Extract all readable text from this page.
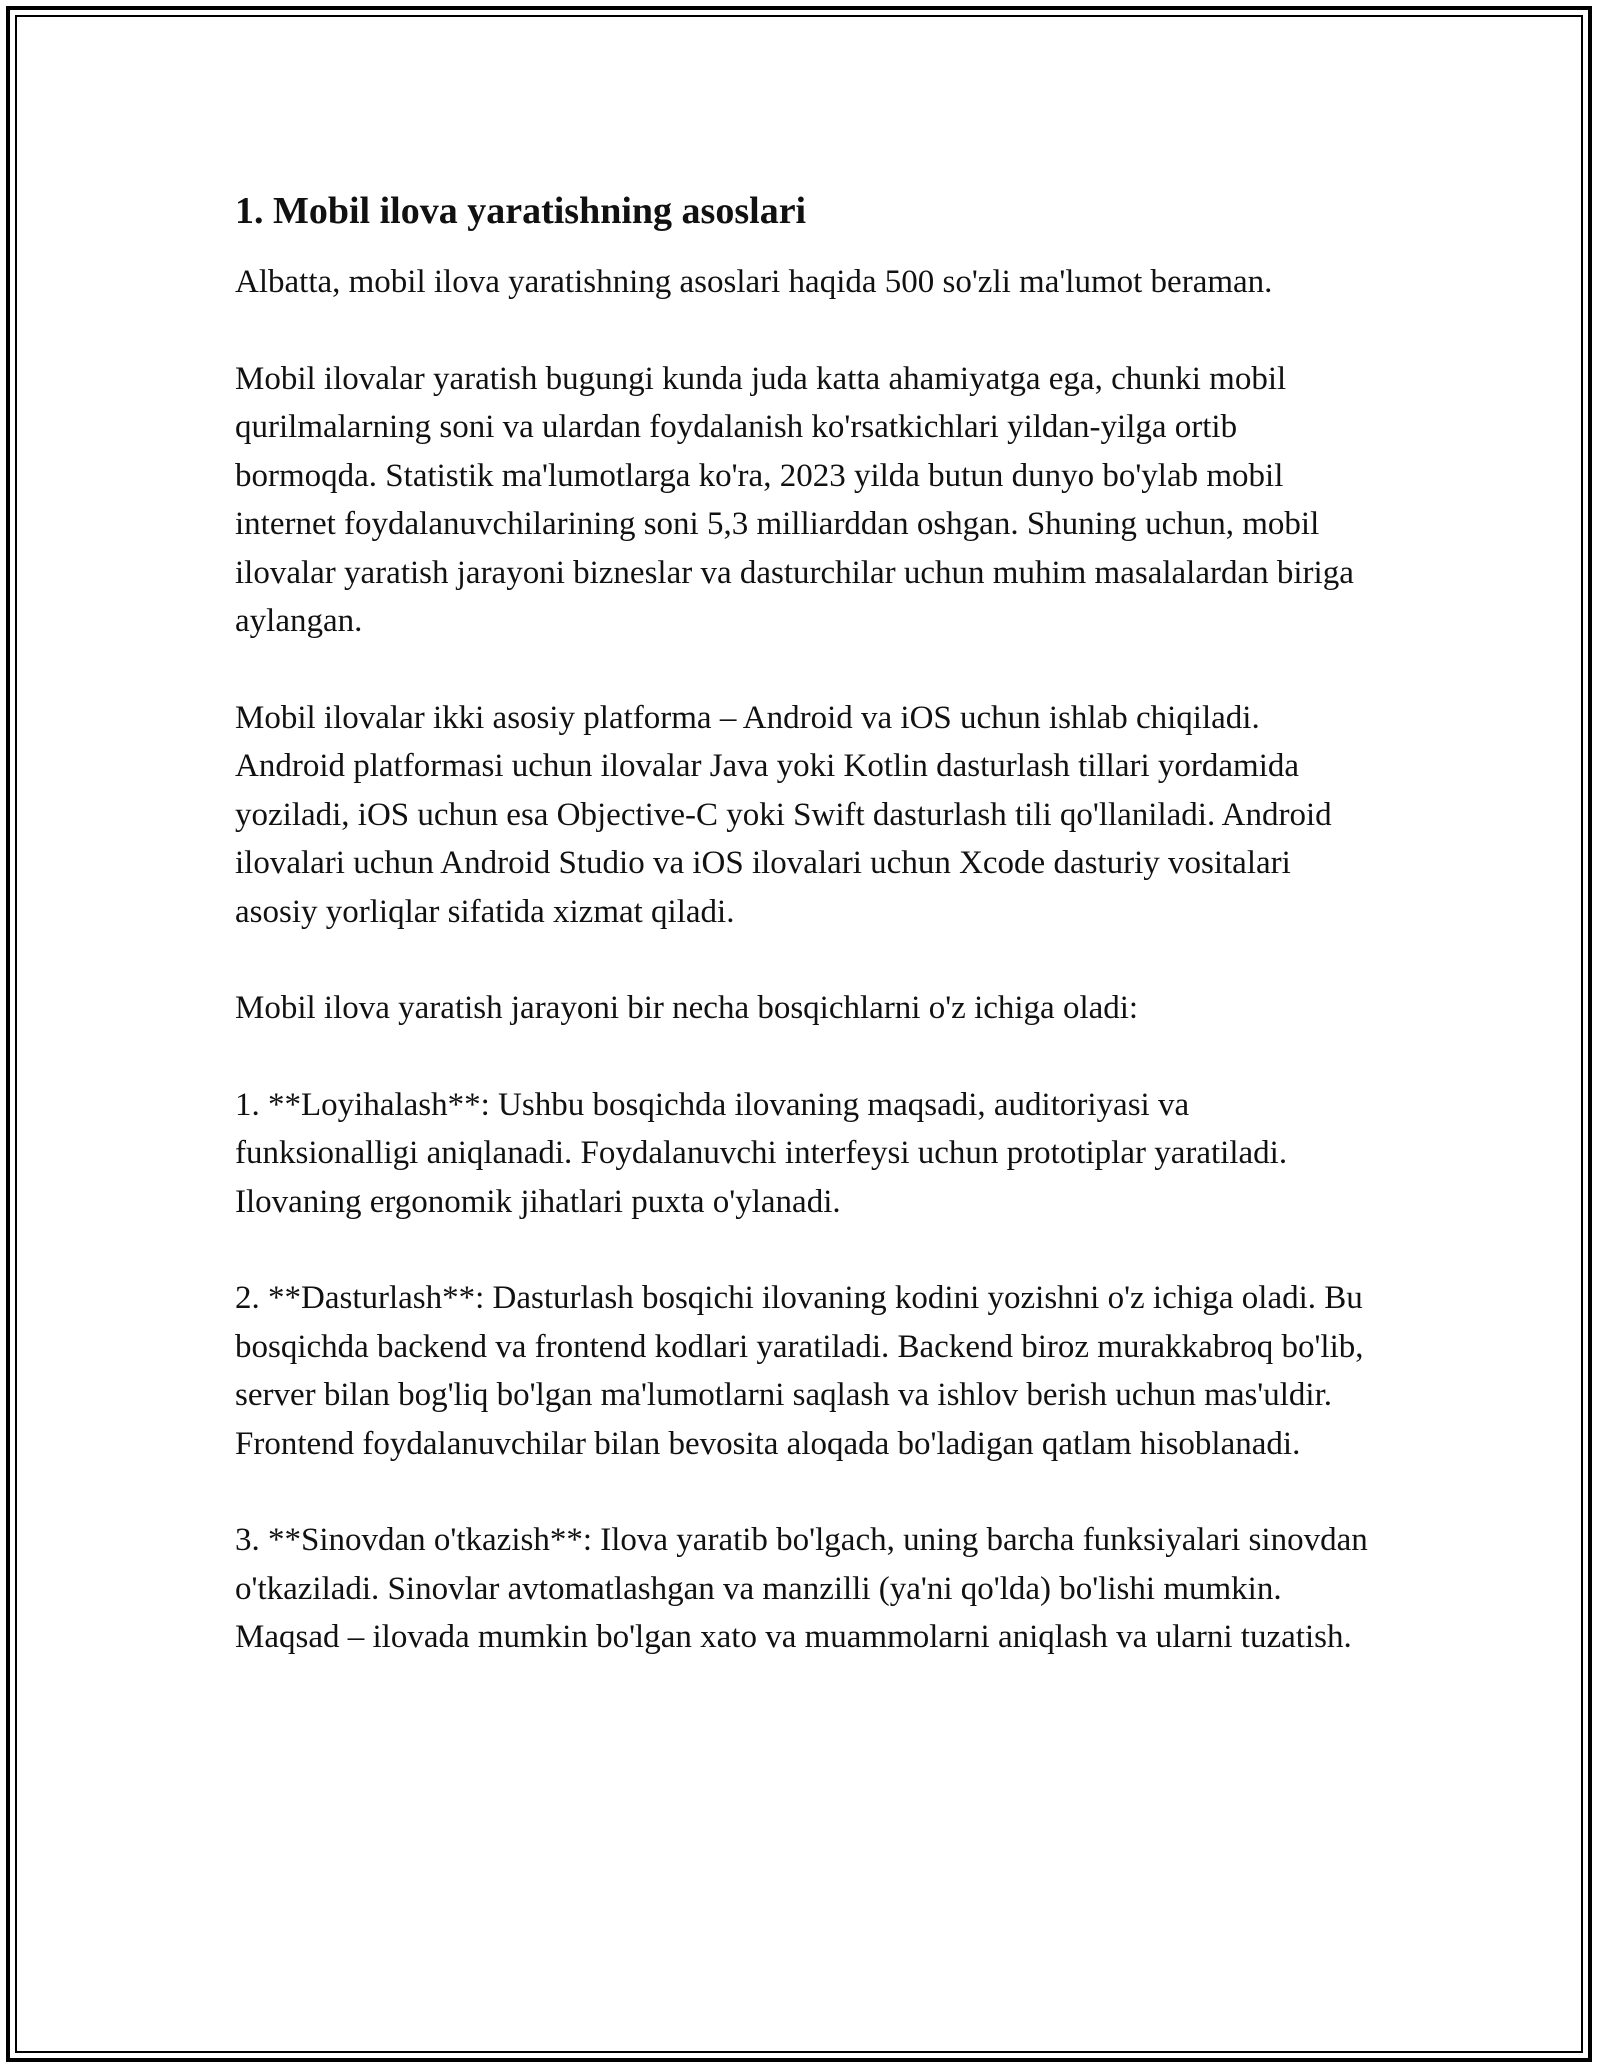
1. Mobil ilova yaratishning asoslari

Albatta, mobil ilova yaratishning asoslari haqida 500 so'zli ma'lumot beraman.

Mobil ilovalar yaratish bugungi kunda juda katta ahamiyatga ega, chunki mobil qurilmalarning soni va ulardan foydalanish ko'rsatkichlari yildan-yilga ortib bormoqda. Statistik ma'lumotlarga ko'ra, 2023 yilda butun dunyo bo'ylab mobil internet foydalanuvchilarining soni 5,3 milliarddan oshgan. Shuning uchun, mobil ilovalar yaratish jarayoni bizneslar va dasturchilar uchun muhim masalalardan biriga aylangan.

Mobil ilovalar ikki asosiy platforma – Android va iOS uchun ishlab chiqiladi. Android platformasi uchun ilovalar Java yoki Kotlin dasturlash tillari yordamida yoziladi, iOS uchun esa Objective-C yoki Swift dasturlash tili qo'llaniladi. Android ilovalari uchun Android Studio va iOS ilovalari uchun Xcode dasturiy vositalari asosiy yorliqlar sifatida xizmat qiladi.

Mobil ilova yaratish jarayoni bir necha bosqichlarni o'z ichiga oladi:

1. **Loyihalash**: Ushbu bosqichda ilovaning maqsadi, auditoriyasi va funksionalligi aniqlanadi. Foydalanuvchi interfeysi uchun prototiplar yaratiladi. Ilovaning ergonomik jihatlari puxta o'ylanadi.

2. **Dasturlash**: Dasturlash bosqichi ilovaning kodini yozishni o'z ichiga oladi. Bu bosqichda backend va frontend kodlari yaratiladi. Backend biroz murakkabroq bo'lib, server bilan bog'liq bo'lgan ma'lumotlarni saqlash va ishlov berish uchun mas'uldir. Frontend foydalanuvchilar bilan bevosita aloqada bo'ladigan qatlam hisoblanadi.

3. **Sinovdan o'tkazish**: Ilova yaratib bo'lgach, uning barcha funksiyalari sinovdan o'tkaziladi. Sinovlar avtomatlashgan va manzilli (ya'ni qo'lda) bo'lishi mumkin. Maqsad – ilovada mumkin bo'lgan xato va muammolarni aniqlash va ularni tuzatish.
